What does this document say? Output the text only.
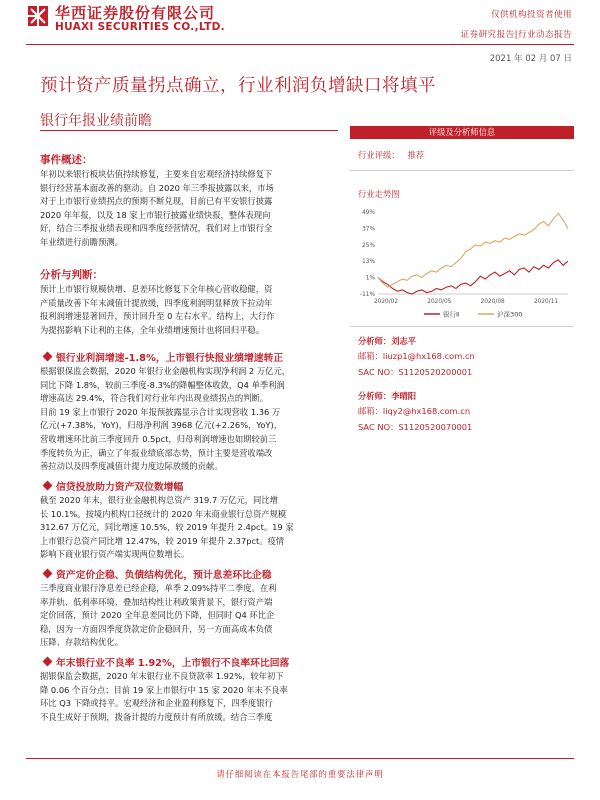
华西证券股份有限公司
HUAXI SECURITIES CO.,LTD.
仅供机构投资者使用
证券研究报告|行业动态报告
2021 年 02 月 07 日
预计资产质量拐点确立，行业利润负增缺口将填平
银行年报业绩前瞻
事件概述：
年初以来银行板块估值持续修复，主要来自宏观经济持续修复下
银行经营基本面改善的驱动。自 2020 年三季报披露以来，市场
对于上市银行业绩拐点的预期不断兑现，目前已有平安银行披露
2020 年年报，以及 18 家上市银行披露业绩快报，整体表现向
好，结合三季报业绩表现和四季度经营情况，我们对上市银行全
年业绩进行前瞻预测。
分析与判断：
预计上市银行规模快增、息差环比修复下全年核心营收稳健，资
产质量改善下年末减值计提放缓，四季度利润明显释放下拉动年
报利润增速显著回升，预计回升至 0 左右水平。结构上，大行作
为提拐影响下让利的主体，全年业绩增速预计也将回归平稳。
银行业利润增速-1.8%，上市银行快报业绩增速转正
根据银保监会数据，2020 年银行业金融机构实现净利润 2 万亿元，
同比下降 1.8%，较前三季度-8.3%的降幅整体收敛，Q4 单季利润
增速高达 29.4%，符合我们对行业年内出现业绩拐点的判断。
目前 19 家上市银行 2020 年报预披露显示合计实现营收 1.36 万
亿元(+7.38%，YoY)，归母净利润 3968 亿元(+2.26%，YoY)，
营收增速环比前三季度回升 0.5pct，归母利润增速也如期较前三
季度转负为正，确立了年报业绩底部态势，预计主要是营收端改
善拉动以及四季度减值计提力度边际放缓的贡献。
信贷投放助力资产双位数增幅
截至 2020 年末，银行业金融机构总资产 319.7 万亿元，同比增
长 10.1%。按境内机构口径统计的 2020 年末商业银行总资产规模
312.67 万亿元，同比增速 10.5%，较 2019 年提升 2.4pct。19 家
上市银行总资产同比增 12.47%，较 2019 年提升 2.37pct。疫情
影响下商业银行资产端实现两位数增长。
资产定价企稳、负债结构优化，预计息差环比企稳
三季度商业银行净息差已经企稳，单季 2.09%持平二季度。在利
率并轨、低利率环境、叠加结构性让利政策背景下，银行资产端
定价回落，预计 2020 全年息差同比仍下降，但同时 Q4 环比企
稳，因为一方面四季度贷款定价企稳回升，另一方面高成本负债
压降、存款结构优化。
年末银行业不良率 1.92%，上市银行不良率环比回落
据银保监会数据，2020 年末银行业不良贷款率 1.92%，较年初下
降 0.06 个百分点；目前 19 家上市银行中 15 家 2020 年末不良率
环比 Q3 下降或持平。宏观经济和企业盈利修复下，四季度银行
不良生成好于预期，拨备计提的力度预计有所放缓。结合三季度
评级及分析师信息
行业评级： 推荐
行业走势图
49%
37%
25%
13%
1%
-11%
2020/02	2020/05	2020/08	2020/11
银行Ⅱ	沪深300
分析师：刘志平
邮箱：liuzp1@hx168.com.cn
SAC NO：S1120520200001
分析师：李晴阳
邮箱：liqy2@hx168.com.cn
SAC NO：S1120520070001
请仔细阅读在本报告尾部的重要法律声明
